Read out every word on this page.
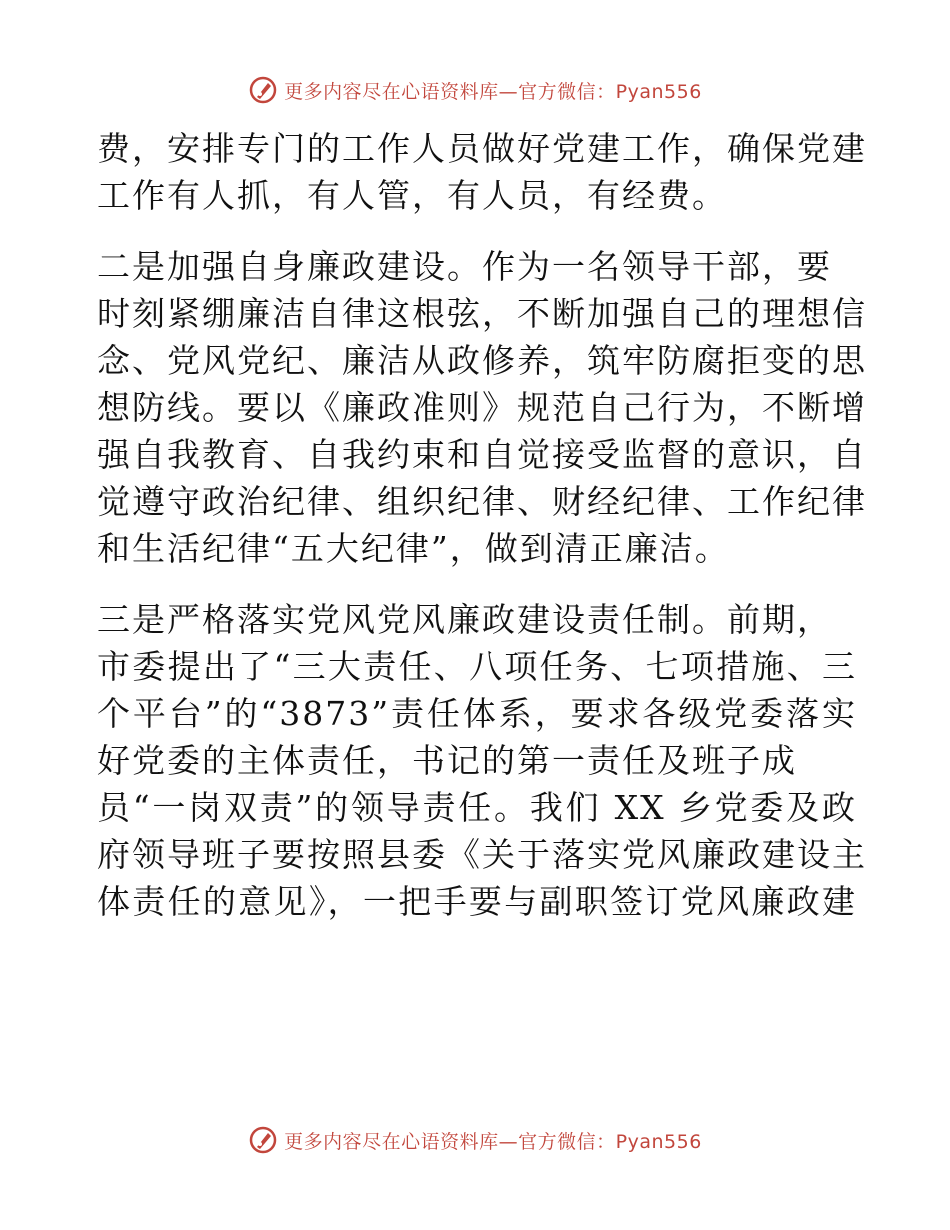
更多内容尽在心语资料库—官方微信：Pyan556
费，安排专门的工作人员做好党建工作，确保党建
工作有人抓，有人管，有人员，有经费。
二是加强自身廉政建设。作为一名领导干部，要
时刻紧绷廉洁自律这根弦，不断加强自己的理想信
念、党风党纪、廉洁从政修养，筑牢防腐拒变的思
想防线。要以《廉政准则》规范自己行为，不断增
强自我教育、自我约束和自觉接受监督的意识，自
觉遵守政治纪律、组织纪律、财经纪律、工作纪律
和生活纪律“五大纪律”，做到清正廉洁。
三是严格落实党风党风廉政建设责任制。前期，
市委提出了“三大责任、八项任务、七项措施、三
个平台”的“3873”责任体系，要求各级党委落实
好党委的主体责任，书记的第一责任及班子成
员“一岗双责”的领导责任。我们 XX 乡党委及政
府领导班子要按照县委《关于落实党风廉政建设主
体责任的意见》，一把手要与副职签订党风廉政建
更多内容尽在心语资料库—官方微信：Pyan556
